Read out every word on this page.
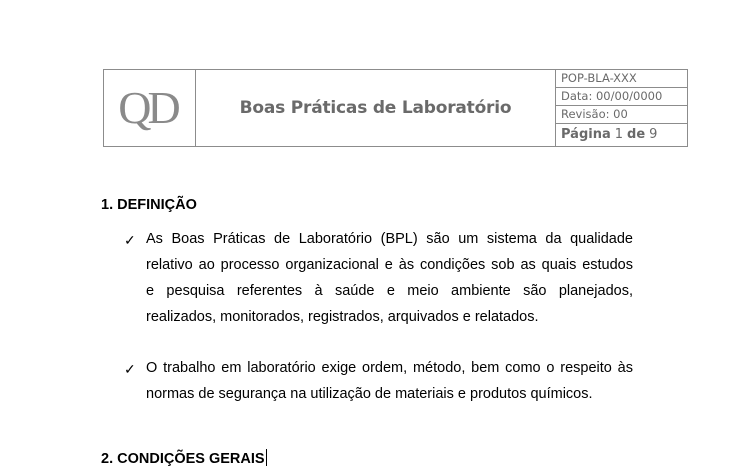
QD	Boas Práticas de Laboratório
POP-BLA-XXX
Data: 00/00/0000
Revisão: 00
Página 1 de 9
1. DEFINIÇÃO
✓ As Boas Práticas de Laboratório (BPL) são um sistema da qualidade
relativo ao processo organizacional e às condições sob as quais estudos
e pesquisa referentes à saúde e meio ambiente são planejados,
realizados, monitorados, registrados, arquivados e relatados.
✓ O trabalho em laboratório exige ordem, método, bem como o respeito às
normas de segurança na utilização de materiais e produtos químicos.
2. CONDIÇÕES GERAIS
